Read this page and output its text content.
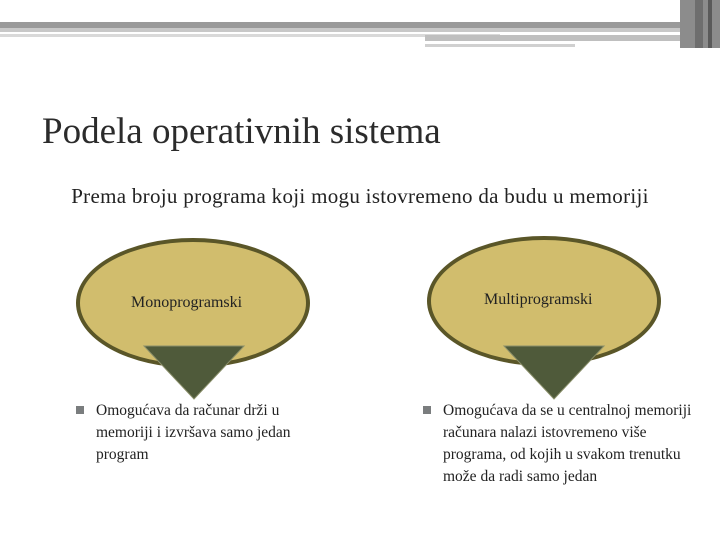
Podela operativnih sistema
Prema broju programa koji mogu istovremeno da budu u memoriji
Monoprogramski	Multiprogramski
Omogućava da računar drži u memoriji i izvršava samo jedan program
Omogućava da se u centralnoj memoriji računara nalazi istovremeno više programa, od kojih u svakom trenutku može da radi samo jedan
